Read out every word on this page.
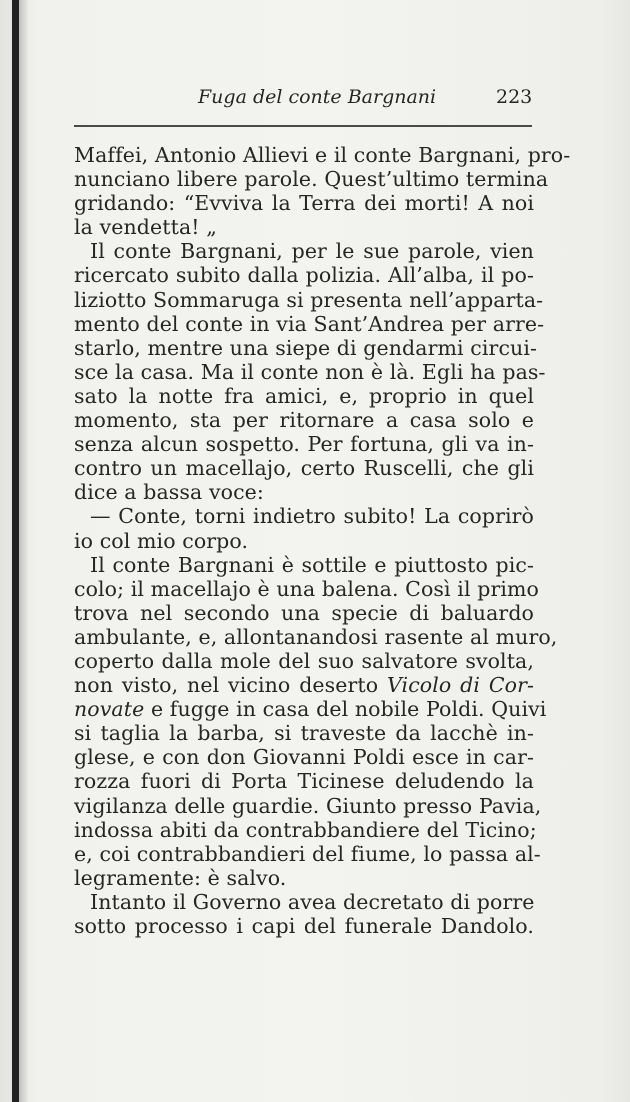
Fuga del conte Bargnani	223
Maffei, Antonio Allievi e il conte Bargnani, pro-
nunciano libere parole. Quest’ultimo termina
gridando: “Evviva la Terra dei morti! A noi
la vendetta! „
Il conte Bargnani, per le sue parole, vien
ricercato subito dalla polizia. All’alba, il po-
liziotto Sommaruga si presenta nell’apparta-
mento del conte in via Sant’Andrea per arre-
starlo, mentre una siepe di gendarmi circui-
sce la casa. Ma il conte non è là. Egli ha pas-
sato la notte fra amici, e, proprio in quel
momento, sta per ritornare a casa solo e
senza alcun sospetto. Per fortuna, gli va in-
contro un macellajo, certo Ruscelli, che gli
dice a bassa voce:
— Conte, torni indietro subito! La coprirò
io col mio corpo.
Il conte Bargnani è sottile e piuttosto pic-
colo; il macellajo è una balena. Così il primo
trova nel secondo una specie di baluardo
ambulante, e, allontanandosi rasente al muro,
coperto dalla mole del suo salvatore svolta,
non visto, nel vicino deserto Vicolo di Cor-
novate e fugge in casa del nobile Poldi. Quivi
si taglia la barba, si traveste da lacchè in-
glese, e con don Giovanni Poldi esce in car-
rozza fuori di Porta Ticinese deludendo la
vigilanza delle guardie. Giunto presso Pavia,
indossa abiti da contrabbandiere del Ticino;
e, coi contrabbandieri del fiume, lo passa al-
legramente: è salvo.
Intanto il Governo avea decretato di porre
sotto processo i capi del funerale Dandolo.
